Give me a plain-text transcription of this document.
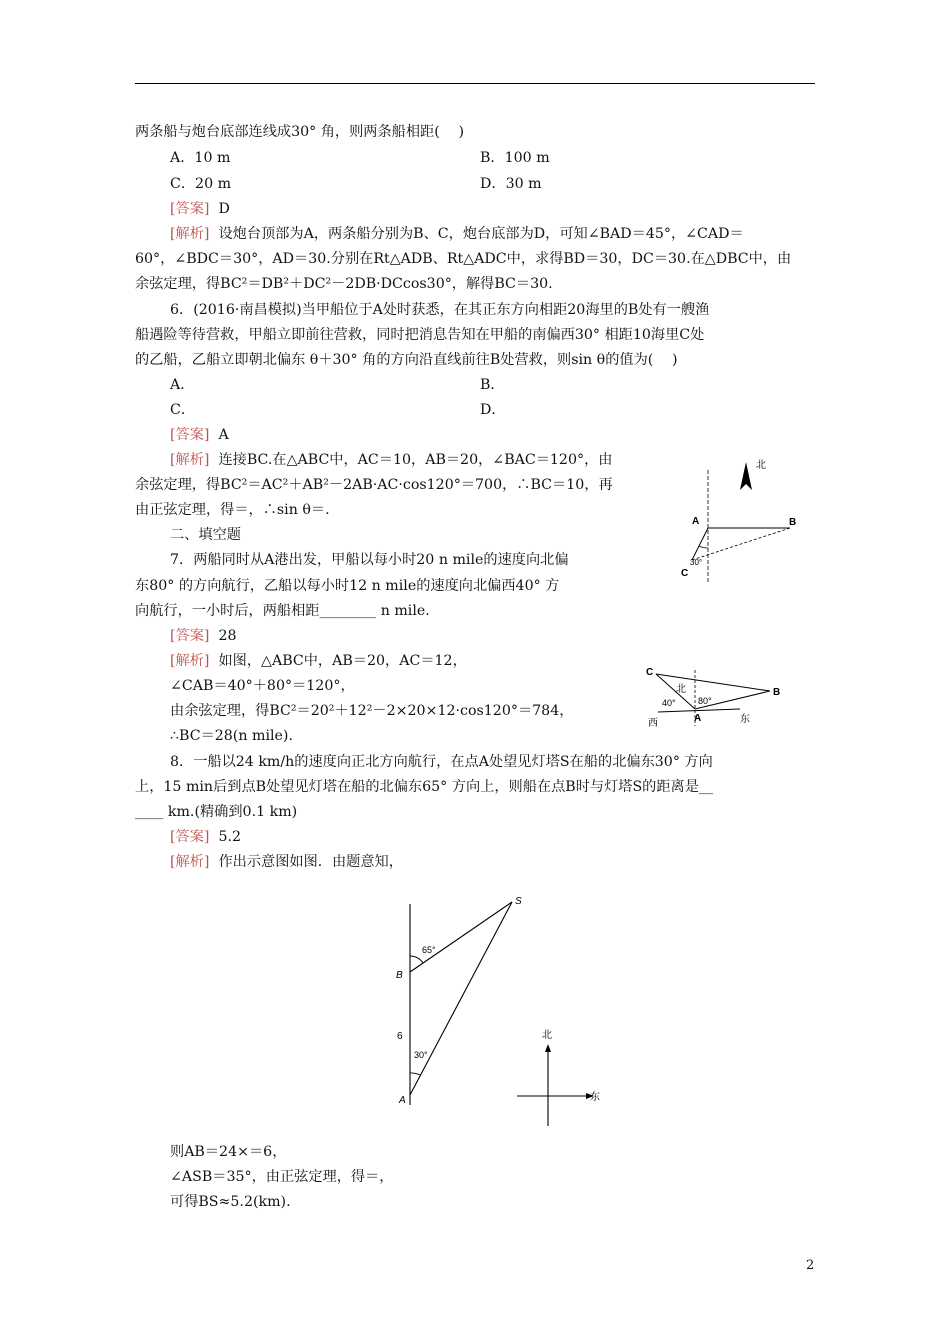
两条船与炮台底部连线成30° 角，则两条船相距(　 )
A．10 m	B．100 m
C．20 m	D．30 m
[答案] D
[解析] 设炮台顶部为A，两条船分别为B、C，炮台底部为D，可知∠BAD＝45°，∠CAD＝
60°，∠BDC＝30°，AD＝30.分别在Rt△ADB、Rt△ADC中，求得BD＝30，DC＝30.在△DBC中，由
余弦定理，得BC²＝DB²＋DC²－2DB·DCcos30°，解得BC＝30.
6．(2016·南昌模拟)当甲船位于A处时获悉，在其正东方向相距20海里的B处有一艘渔
船遇险等待营救，甲船立即前往营救，同时把消息告知在甲船的南偏西30° 相距10海里C处
的乙船，乙船立即朝北偏东 θ＋30° 角的方向沿直线前往B处营救，则sin θ的值为(　 )
A．	B．
C．	D．
[答案] A
[解析] 连接BC.在△ABC中，AC＝10，AB＝20，∠BAC＝120°，由
余弦定理，得BC²＝AC²＋AB²－2AB·AC·cos120°＝700，∴BC＝10，再
由正弦定理，得＝，∴sin θ＝.
北
A	B
C
30°
二、填空题
7．两船同时从A港出发，甲船以每小时20 n mile的速度向北偏
东80° 的方向航行，乙船以每小时12 n mile的速度向北偏西40° 方
向航行，一小时后，两船相距________ n mile.
[答案] 28
[解析] 如图，△ABC中，AB＝20，AC＝12，
∠CAB＝40°＋80°＝120°，
由余弦定理，得BC²＝20²＋12²－2×20×12·cos120°＝784，
∴BC＝28(n mile).
C
B
A
北
西	东
40° 80°
8．一船以24 km/h的速度向正北方向航行，在点A处望见灯塔S在船的北偏东30° 方向
上，15 min后到点B处望见灯塔在船的北偏东65° 方向上，则船在点B时与灯塔S的距离是__
____ km.(精确到0.1 km)
[答案] 5.2
[解析] 作出示意图如图．由题意知，
S
B
A
6
65°
30°
北
东
则AB＝24×＝6，
∠ASB＝35°，由正弦定理，得＝，
可得BS≈5.2(km).
2
